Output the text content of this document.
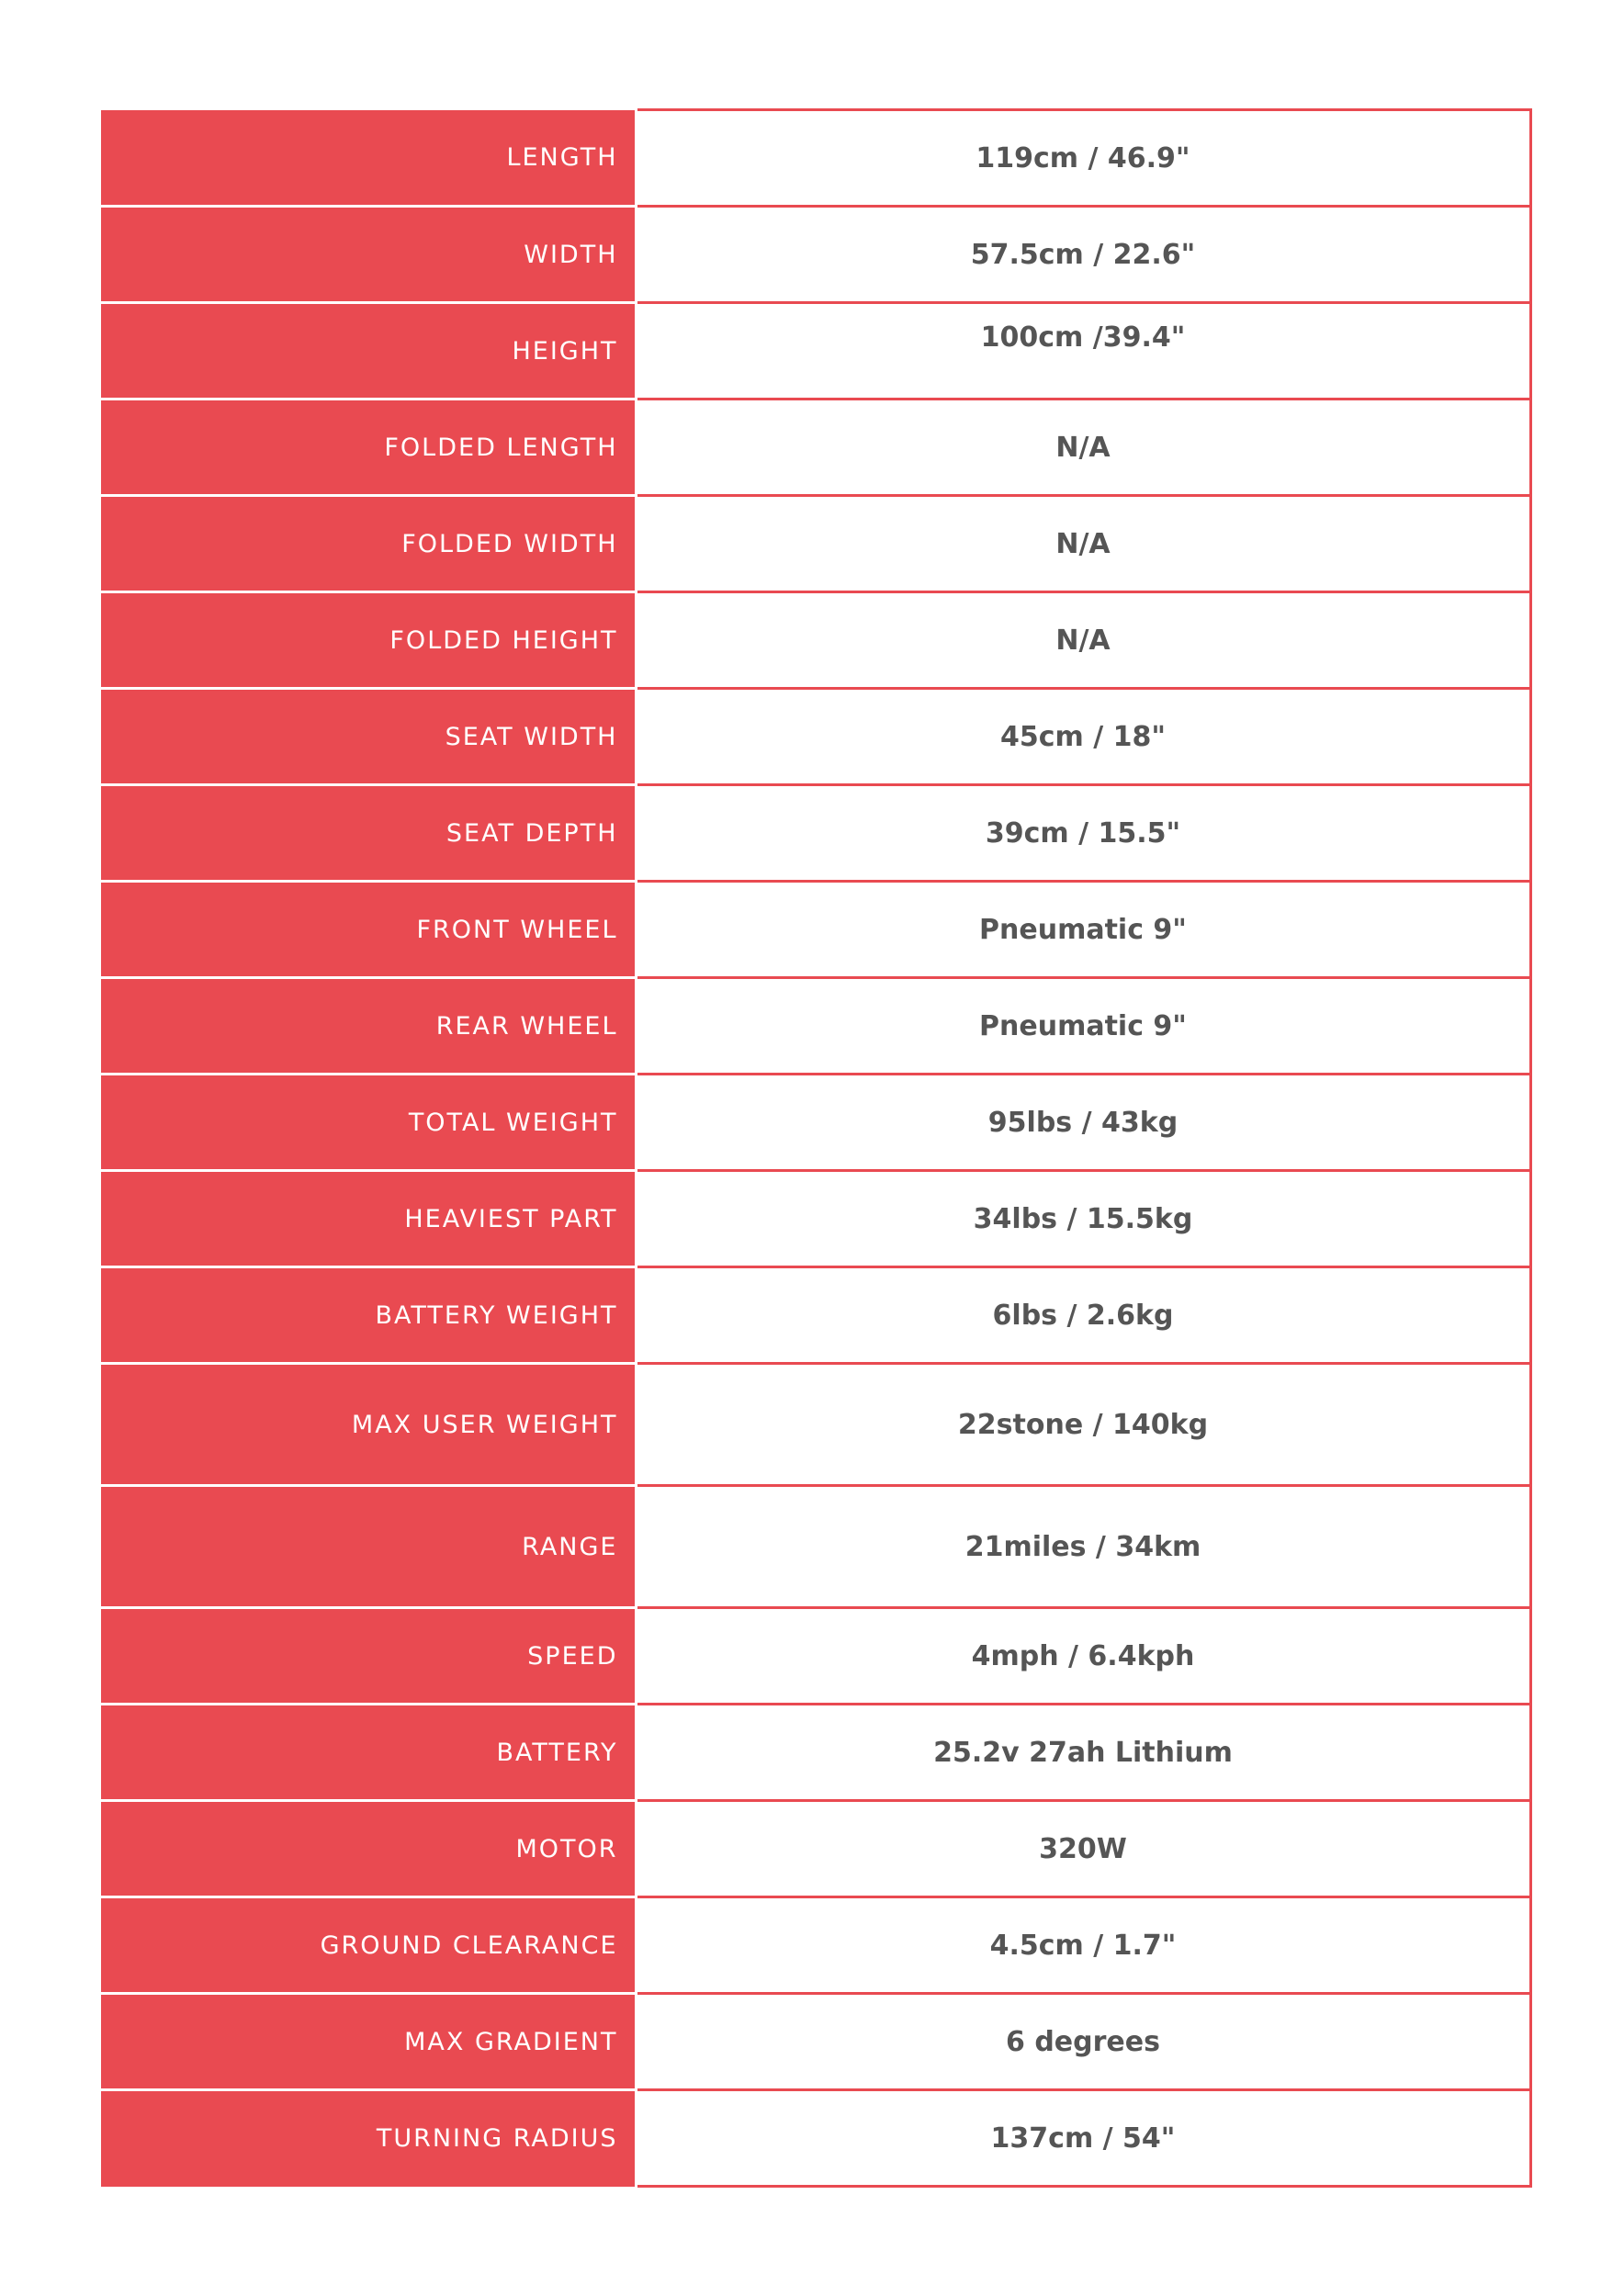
LENGTH	119cm / 46.9"
WIDTH	57.5cm / 22.6"
HEIGHT	100cm /39.4"
FOLDED LENGTH	N/A
FOLDED WIDTH	N/A
FOLDED HEIGHT	N/A
SEAT WIDTH	45cm / 18"
SEAT DEPTH	39cm / 15.5"
FRONT WHEEL	Pneumatic 9"
REAR WHEEL	Pneumatic 9"
TOTAL WEIGHT	95lbs / 43kg
HEAVIEST PART	34lbs / 15.5kg
BATTERY WEIGHT	6lbs / 2.6kg
MAX USER WEIGHT	22stone / 140kg
RANGE	21miles / 34km
SPEED	4mph / 6.4kph
BATTERY	25.2v 27ah Lithium
MOTOR	320W
GROUND CLEARANCE	4.5cm / 1.7"
MAX GRADIENT	6 degrees
TURNING RADIUS	137cm / 54"
